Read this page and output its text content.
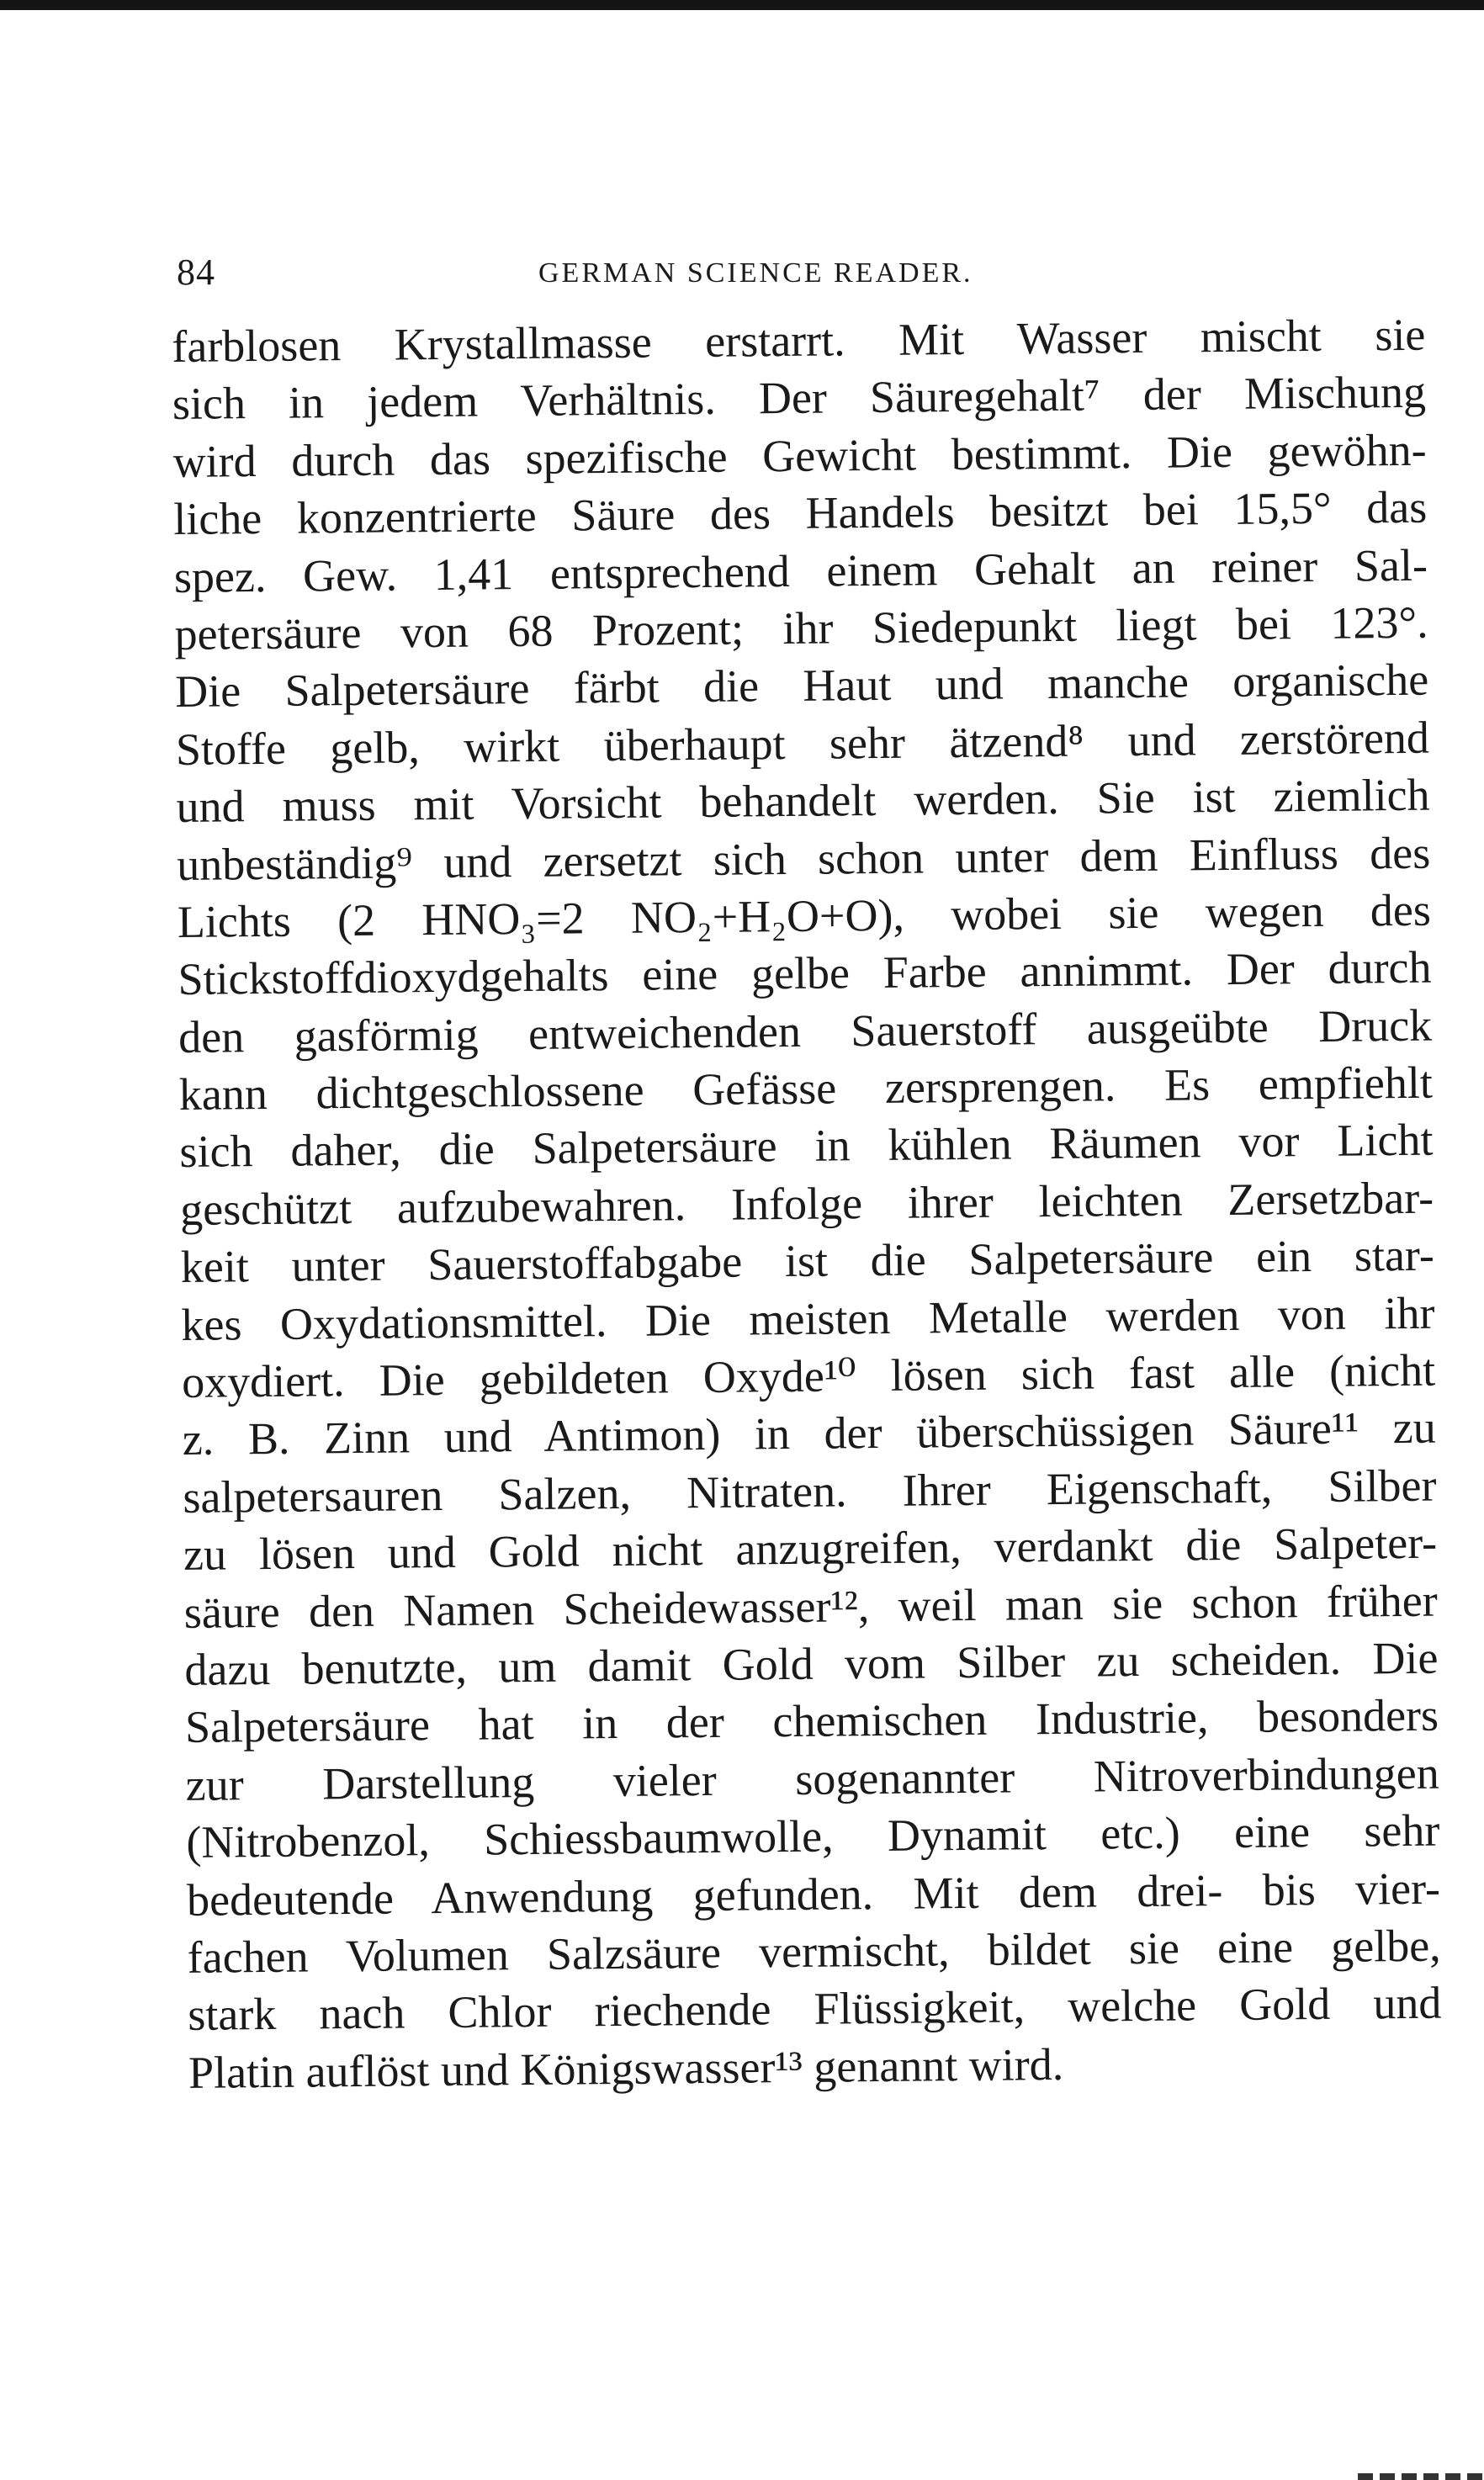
84	GERMAN SCIENCE READER.
farblosen Krystallmasse erstarrt. Mit Wasser mischt sie
sich in jedem Verhältnis. Der Säuregehalt⁷ der Mischung
wird durch das spezifische Gewicht bestimmt. Die gewöhn-
liche konzentrierte Säure des Handels besitzt bei 15,5° das
spez. Gew. 1,41 entsprechend einem Gehalt an reiner Sal-
petersäure von 68 Prozent; ihr Siedepunkt liegt bei 123°.
Die Salpetersäure färbt die Haut und manche organische
Stoffe gelb, wirkt überhaupt sehr ätzend⁸ und zerstörend
und muss mit Vorsicht behandelt werden. Sie ist ziemlich
unbeständig⁹ und zersetzt sich schon unter dem Einfluss des
Lichts (2 HNO₃=2 NO₂+H₂O+O), wobei sie wegen des
Stickstoffdioxydgehalts eine gelbe Farbe annimmt. Der durch
den gasförmig entweichenden Sauerstoff ausgeübte Druck
kann dichtgeschlossene Gefässe zersprengen. Es empfiehlt
sich daher, die Salpetersäure in kühlen Räumen vor Licht
geschützt aufzubewahren. Infolge ihrer leichten Zersetzbar-
keit unter Sauerstoffabgabe ist die Salpetersäure ein star-
kes Oxydationsmittel. Die meisten Metalle werden von ihr
oxydiert. Die gebildeten Oxyde¹⁰ lösen sich fast alle (nicht
z. B. Zinn und Antimon) in der überschüssigen Säure¹¹ zu
salpetersauren Salzen, Nitraten. Ihrer Eigenschaft, Silber
zu lösen und Gold nicht anzugreifen, verdankt die Salpeter-
säure den Namen Scheidewasser¹², weil man sie schon früher
dazu benutzte, um damit Gold vom Silber zu scheiden. Die
Salpetersäure hat in der chemischen Industrie, besonders
zur Darstellung vieler sogenannter Nitroverbindungen
(Nitrobenzol, Schiessbaumwolle, Dynamit etc.) eine sehr
bedeutende Anwendung gefunden. Mit dem drei- bis vier-
fachen Volumen Salzsäure vermischt, bildet sie eine gelbe,
stark nach Chlor riechende Flüssigkeit, welche Gold und
Platin auflöst und Königswasser¹³ genannt wird.
